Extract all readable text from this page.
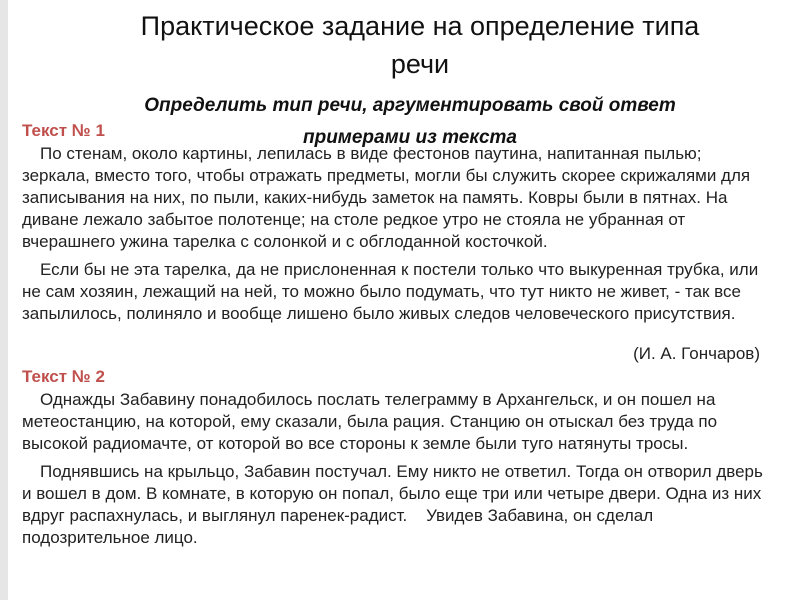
Практическое задание на определение типа
речи
Определить тип речи, аргументировать свой ответ
примерами из текста
Текст № 1

По стенам, около картины, лепилась в виде фестонов паутина, напитанная пылью; зеркала, вместо того, чтобы отражать предметы, могли бы служить скорее скрижалями для записывания на них, по пыли, каких-нибудь заметок на память. Ковры были в пятнах. На диване лежало забытое полотенце; на столе редкое утро не стояла не убранная от вчерашнего ужина тарелка с солонкой и с обглоданной косточкой.

Если бы не эта тарелка, да не прислоненная к постели только что выкуренная трубка, или не сам хозяин, лежащий на ней, то можно было подумать, что тут никто не живет, - так все запылилось, полиняло и вообще лишено было живых следов человеческого присутствия.

(И. А. Гончаров)
Текст № 2

Однажды Забавину понадобилось послать телеграмму в Архангельск, и он пошел на метеостанцию, на которой, ему сказали, была рация. Станцию он отыскал без труда по высокой радиомачте, от которой во все стороны к земле были туго натянуты тросы.

Поднявшись на крыльцо, Забавин постучал. Ему никто не ответил. Тогда он отворил дверь и вошел в дом. В комнате, в которую он попал, было еще три или четыре двери. Одна из них вдруг распахнулась, и выглянул паренек-радист.    Увидев Забавина, он сделал подозрительное лицо.
